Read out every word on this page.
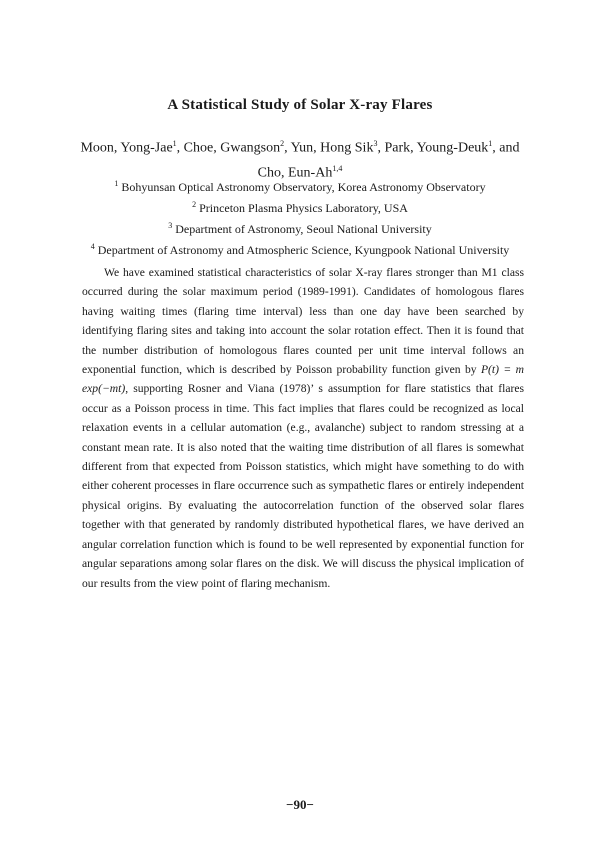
A Statistical Study of Solar X-ray Flares
Moon, Yong-Jae$^1$, Choe, Gwangson$^2$, Yun, Hong Sik$^3$, Park, Young-Deuk$^1$, and Cho, Eun-Ah$^{1,4}$
$^1$ Bohyunsan Optical Astronomy Observatory, Korea Astronomy Observatory
$^2$ Princeton Plasma Physics Laboratory, USA
$^3$ Department of Astronomy, Seoul National University
$^4$ Department of Astronomy and Atmospheric Science, Kyungpook National University
We have examined statistical characteristics of solar X-ray flares stronger than M1 class occurred during the solar maximum period (1989-1991). Candidates of homologous flares having waiting times (flaring time interval) less than one day have been searched by identifying flaring sites and taking into account the solar rotation effect. Then it is found that the number distribution of homologous flares counted per unit time interval follows an exponential function, which is described by Poisson probability function given by P(t) = m exp(−mt), supporting Rosner and Viana (1978)’ s assumption for flare statistics that flares occur as a Poisson process in time. This fact implies that flares could be recognized as local relaxation events in a cellular automation (e.g., avalanche) subject to random stressing at a constant mean rate. It is also noted that the waiting time distribution of all flares is somewhat different from that expected from Poisson statistics, which might have something to do with either coherent processes in flare occurrence such as sympathetic flares or entirely independent physical origins. By evaluating the autocorrelation function of the observed solar flares together with that generated by randomly distributed hypothetical flares, we have derived an angular correlation function which is found to be well represented by exponential function for angular separations among solar flares on the disk. We will discuss the physical implication of our results from the view point of flaring mechanism.
−90−
